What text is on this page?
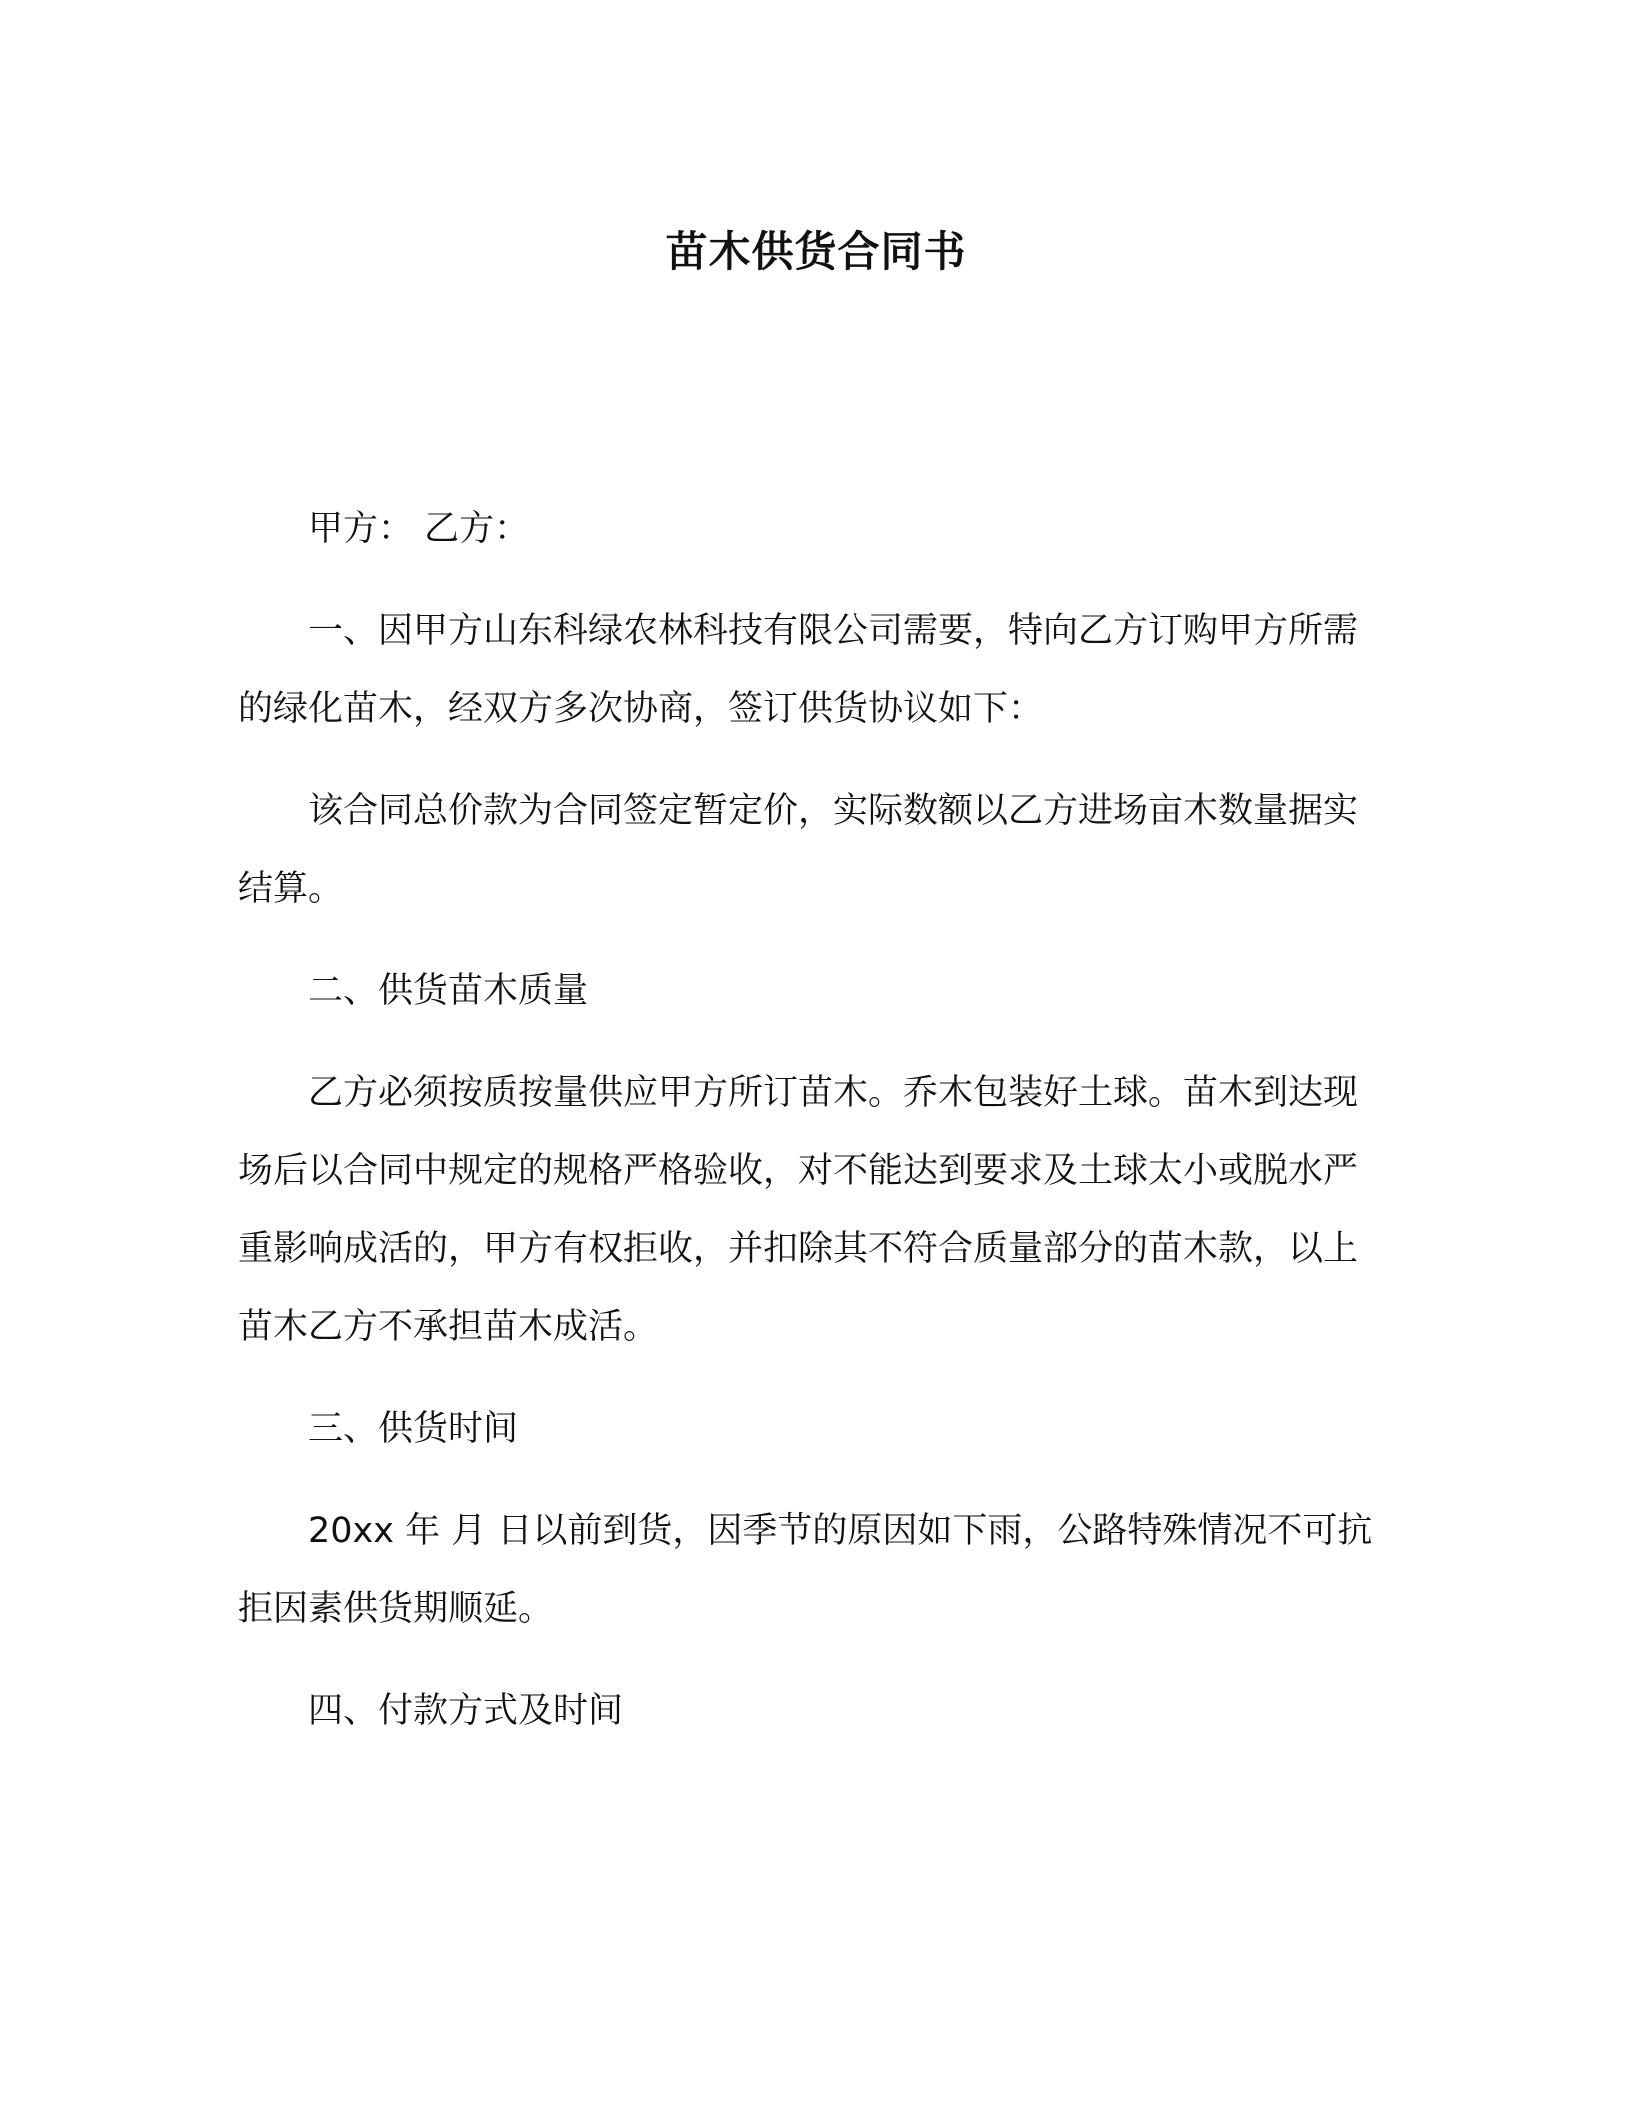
苗木供货合同书

甲方： 乙方：

一、因甲方山东科绿农林科技有限公司需要，特向乙方订购甲方所需的绿化苗木，经双方多次协商，签订供货协议如下：

该合同总价款为合同签定暂定价，实际数额以乙方进场亩木数量据实结算。

二、供货苗木质量

乙方必须按质按量供应甲方所订苗木。乔木包装好土球。苗木到达现场后以合同中规定的规格严格验收，对不能达到要求及土球太小或脱水严重影响成活的，甲方有权拒收，并扣除其不符合质量部分的苗木款，以上苗木乙方不承担苗木成活。

三、供货时间

20xx 年 月 日以前到货，因季节的原因如下雨，公路特殊情况不可抗拒因素供货期顺延。

四、付款方式及时间
